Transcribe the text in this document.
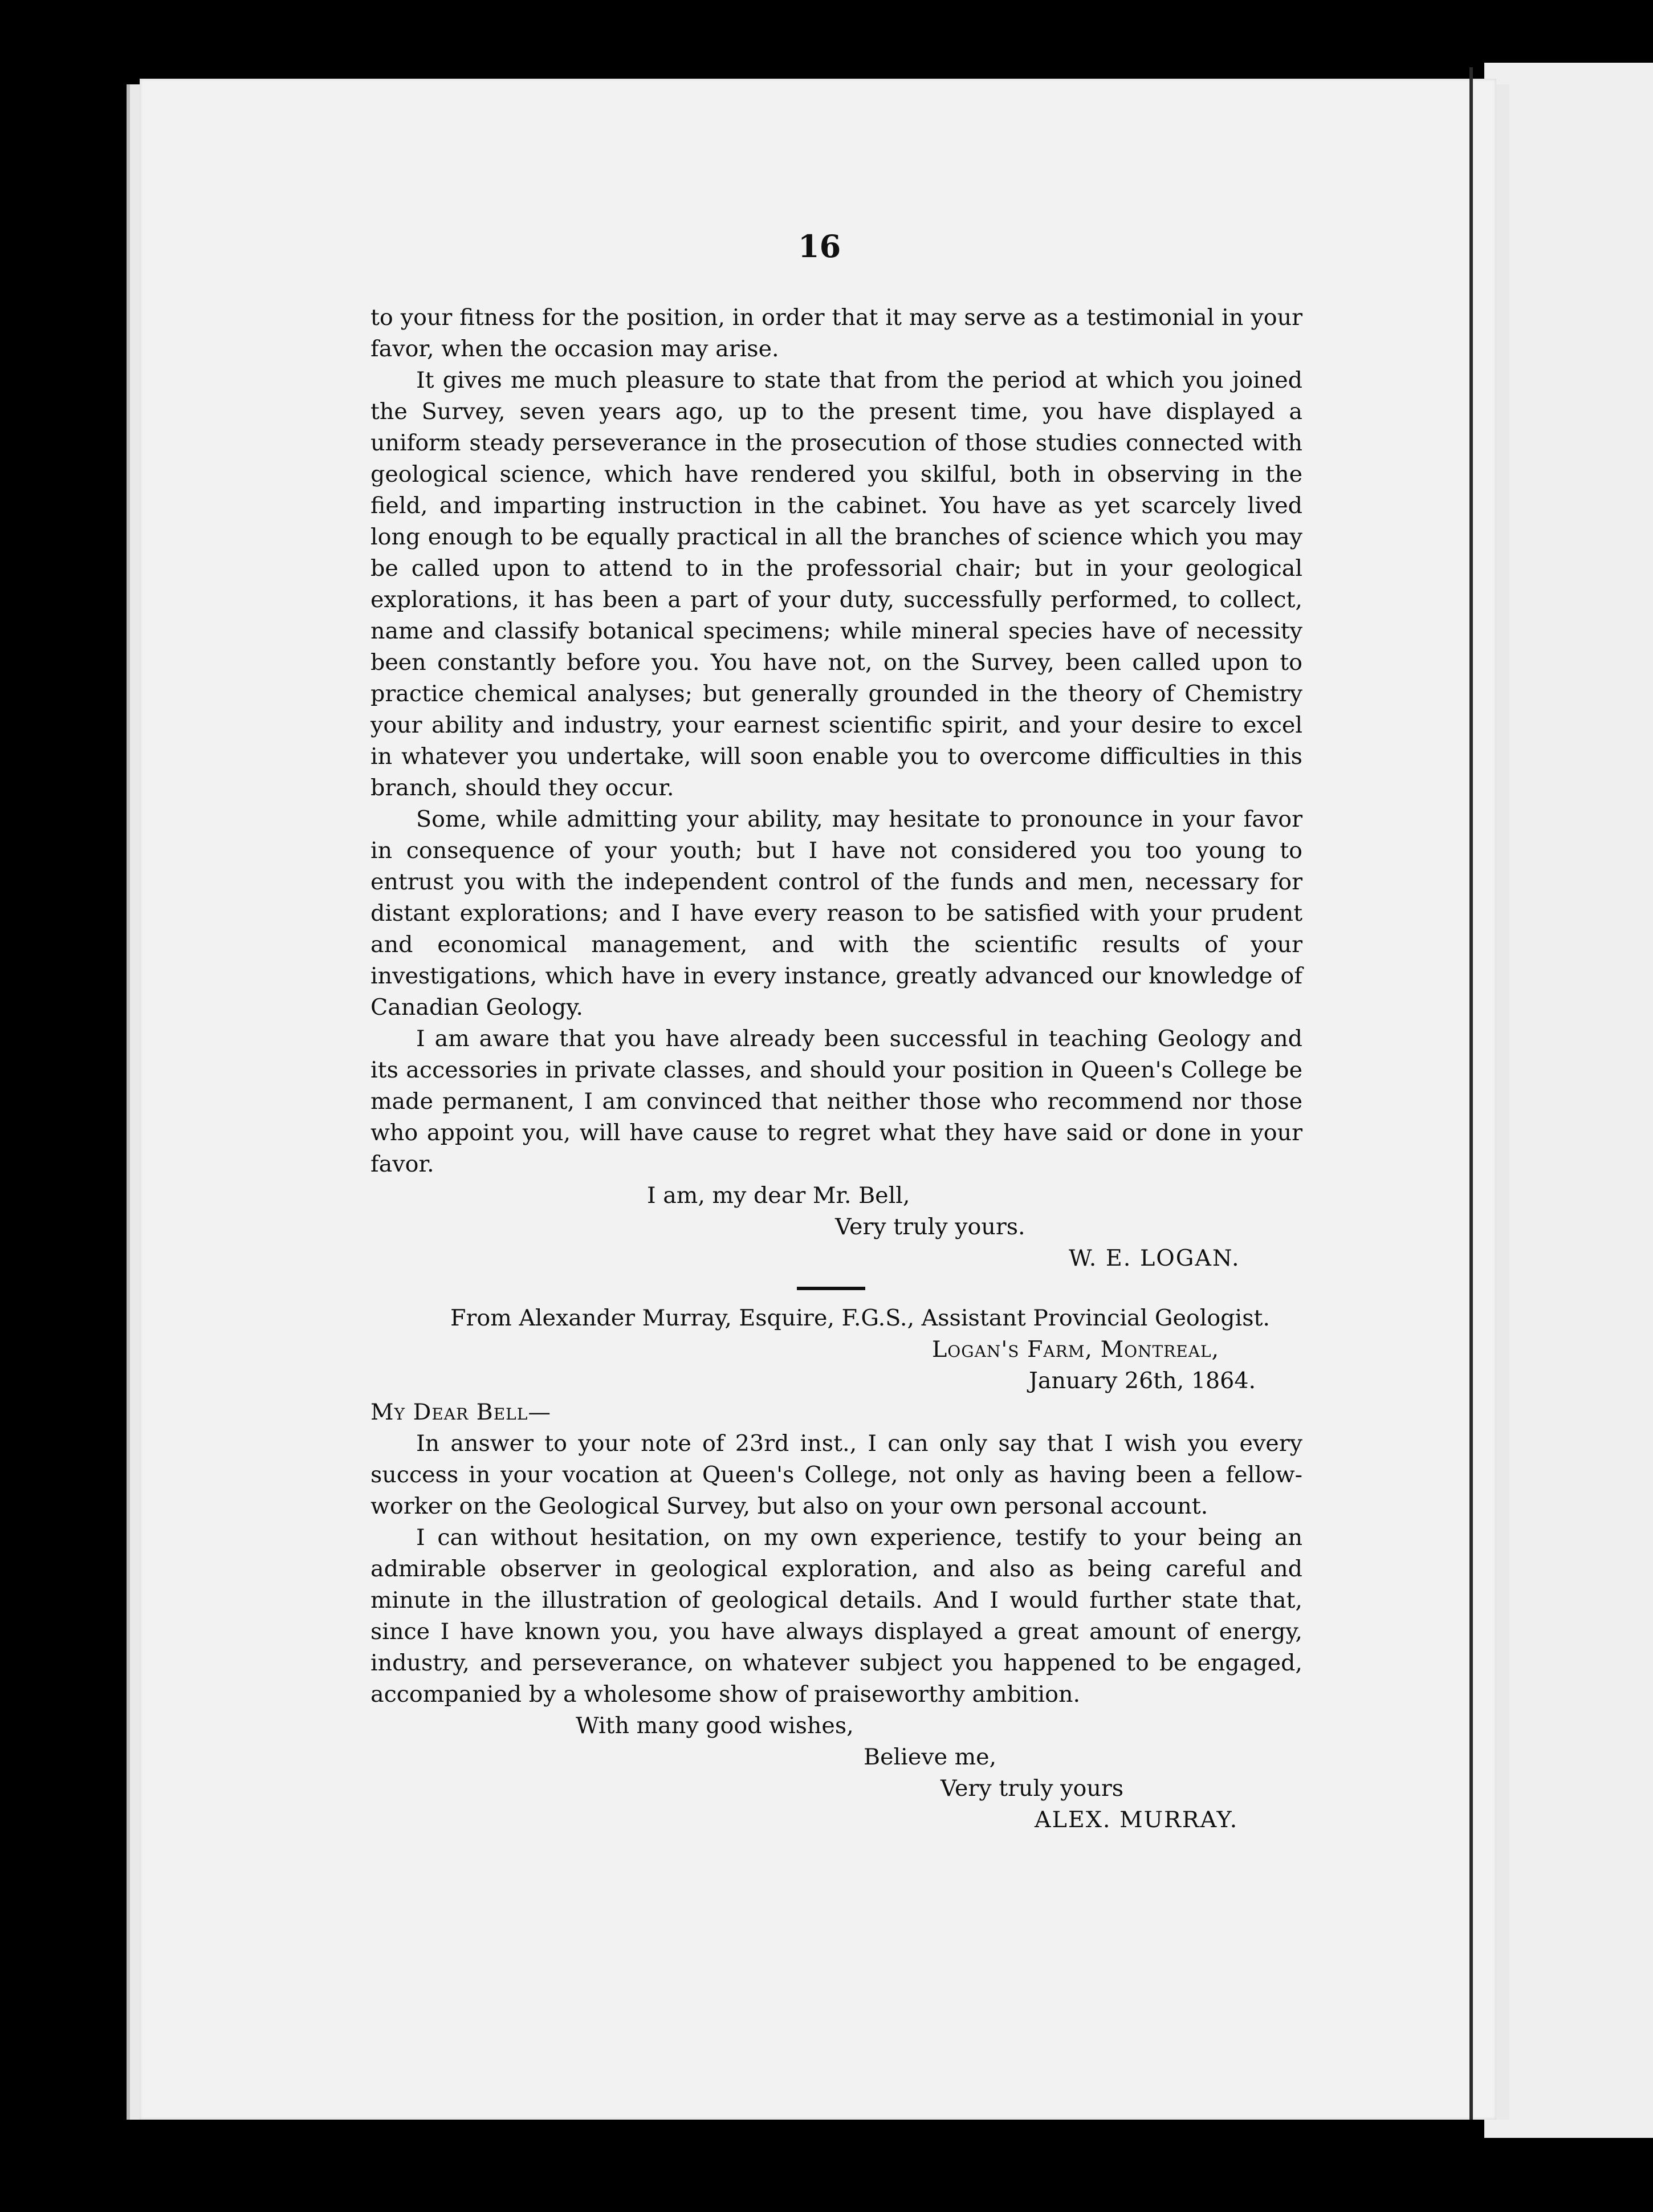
16

to your fitness for the position, in order that it may serve as a testimonial in your favor, when the occasion may arise.

It gives me much pleasure to state that from the period at which you joined the Survey, seven years ago, up to the present time, you have displayed a uniform steady perseverance in the prosecution of those studies connected with geological science, which have rendered you skilful, both in observing in the field, and imparting instruction in the cabinet. You have as yet scarcely lived long enough to be equally practical in all the branches of science which you may be called upon to attend to in the professorial chair; but in your geological explorations, it has been a part of your duty, successfully performed, to collect, name and classify botanical specimens; while mineral species have of necessity been constantly before you. You have not, on the Survey, been called upon to practice chemical analyses; but generally grounded in the theory of Chemistry your ability and industry, your earnest scientific spirit, and your desire to excel in whatever you undertake, will soon enable you to overcome difficulties in this branch, should they occur.

Some, while admitting your ability, may hesitate to pronounce in your favor in consequence of your youth; but I have not considered you too young to entrust you with the independent control of the funds and men, necessary for distant explorations; and I have every reason to be satisfied with your prudent and economical management, and with the scientific results of your investigations, which have in every instance, greatly advanced our knowledge of Canadian Geology.

I am aware that you have already been successful in teaching Geology and its accessories in private classes, and should your position in Queen's College be made permanent, I am convinced that neither those who recommend nor those who appoint you, will have cause to regret what they have said or done in your favor.

I am, my dear Mr. Bell,

Very truly yours.

W. E. LOGAN.

From Alexander Murray, Esquire, F.G.S., Assistant Provincial Geologist.

Logan's Farm, Montreal,

January 26th, 1864.

My Dear Bell—

In answer to your note of 23rd inst., I can only say that I wish you every success in your vocation at Queen's College, not only as having been a fellow-worker on the Geological Survey, but also on your own personal account.

I can without hesitation, on my own experience, testify to your being an admirable observer in geological exploration, and also as being careful and minute in the illustration of geological details. And I would further state that, since I have known you, you have always displayed a great amount of energy, industry, and perseverance, on whatever subject you happened to be engaged, accompanied by a wholesome show of praiseworthy ambition.

With many good wishes,

Believe me,

Very truly yours

ALEX. MURRAY.
